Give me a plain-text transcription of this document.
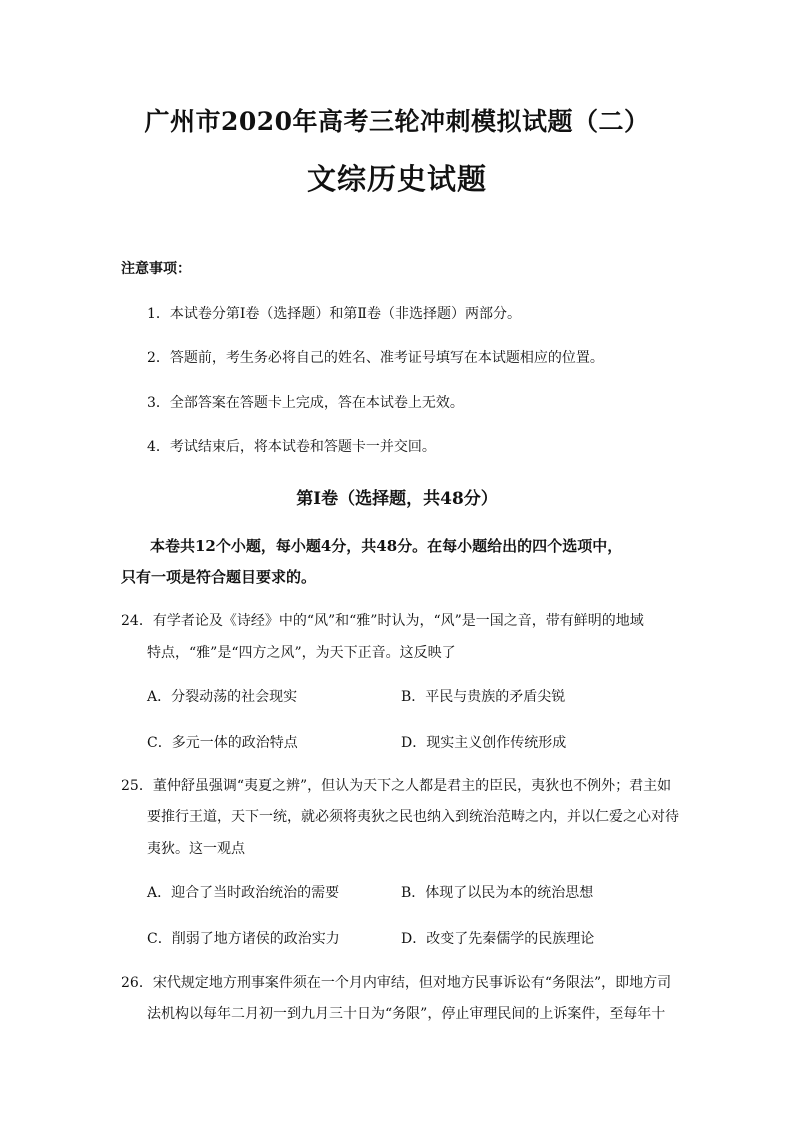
广州市2020年高考三轮冲刺模拟试题（二）
文综历史试题
注意事项：
1．本试卷分第Ⅰ卷（选择题）和第Ⅱ卷（非选择题）两部分。
2．答题前，考生务必将自己的姓名、准考证号填写在本试题相应的位置。
3．全部答案在答题卡上完成，答在本试卷上无效。
4．考试结束后，将本试卷和答题卡一并交回。
第Ⅰ卷（选择题，共48分）
本卷共12个小题，每小题4分，共48分。在每小题给出的四个选项中，
只有一项是符合题目要求的。
24．有学者论及《诗经》中的“风”和“雅”时认为，“风”是一国之音，带有鲜明的地域
特点，“雅”是“四方之风”，为天下正音。这反映了
A．分裂动荡的社会现实	B．平民与贵族的矛盾尖锐
C．多元一体的政治特点	D．现实主义创作传统形成
25．董仲舒虽强调“夷夏之辨”，但认为天下之人都是君主的臣民，夷狄也不例外；君主如
要推行王道，天下一统，就必须将夷狄之民也纳入到统治范畴之内，并以仁爱之心对待
夷狄。这一观点
A．迎合了当时政治统治的需要	B．体现了以民为本的统治思想
C．削弱了地方诸侯的政治实力	D．改变了先秦儒学的民族理论
26．宋代规定地方刑事案件须在一个月内审结，但对地方民事诉讼有“务限法”，即地方司
法机构以每年二月初一到九月三十日为“务限”，停止审理民间的上诉案件，至每年十
